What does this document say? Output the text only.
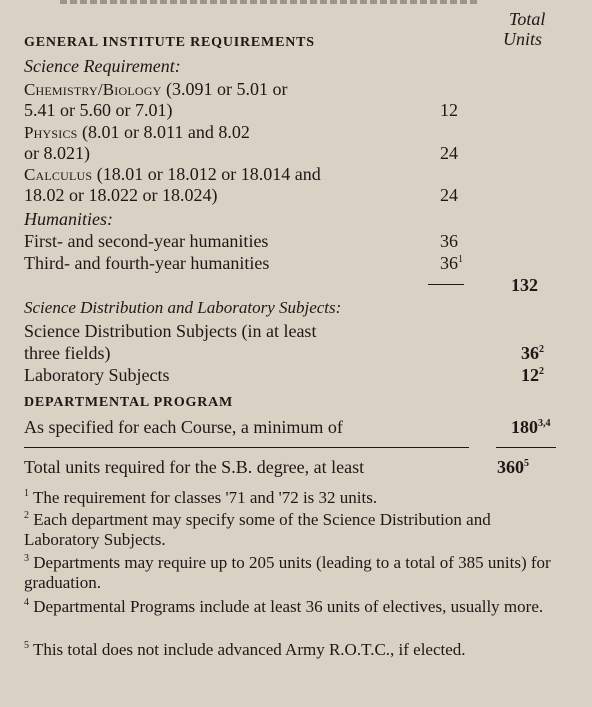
Total
Units
GENERAL INSTITUTE REQUIREMENTS
Science Requirement:
Chemistry/Biology (3.091 or 5.01 or
5.41 or 5.60 or 7.01)	12
Physics (8.01 or 8.011 and 8.02
or 8.021)	24
Calculus (18.01 or 18.012 or 18.014 and
18.02 or 18.022 or 18.024)	24
Humanities:
First- and second-year humanities	36
Third- and fourth-year humanities	$36^1$
132
Science Distribution and Laboratory Subjects:
Science Distribution Subjects (in at least
three fields)	$36^2$
Laboratory Subjects	$12^2$
DEPARTMENTAL PROGRAM
As specified for each Course, a minimum of	180$^{3,4}$
Total units required for the S.B. degree, at least	$360^5$
$^1$ The requirement for classes '71 and '72 is 32 units.
$^2$ Each department may specify some of the Science Distribution and Laboratory Subjects.
$^3$ Departments may require up to 205 units (leading to a total of 385 units) for graduation.
$^4$ Departmental Programs include at least 36 units of electives, usually more.
$^5$ This total does not include advanced Army R.O.T.C., if elected.
